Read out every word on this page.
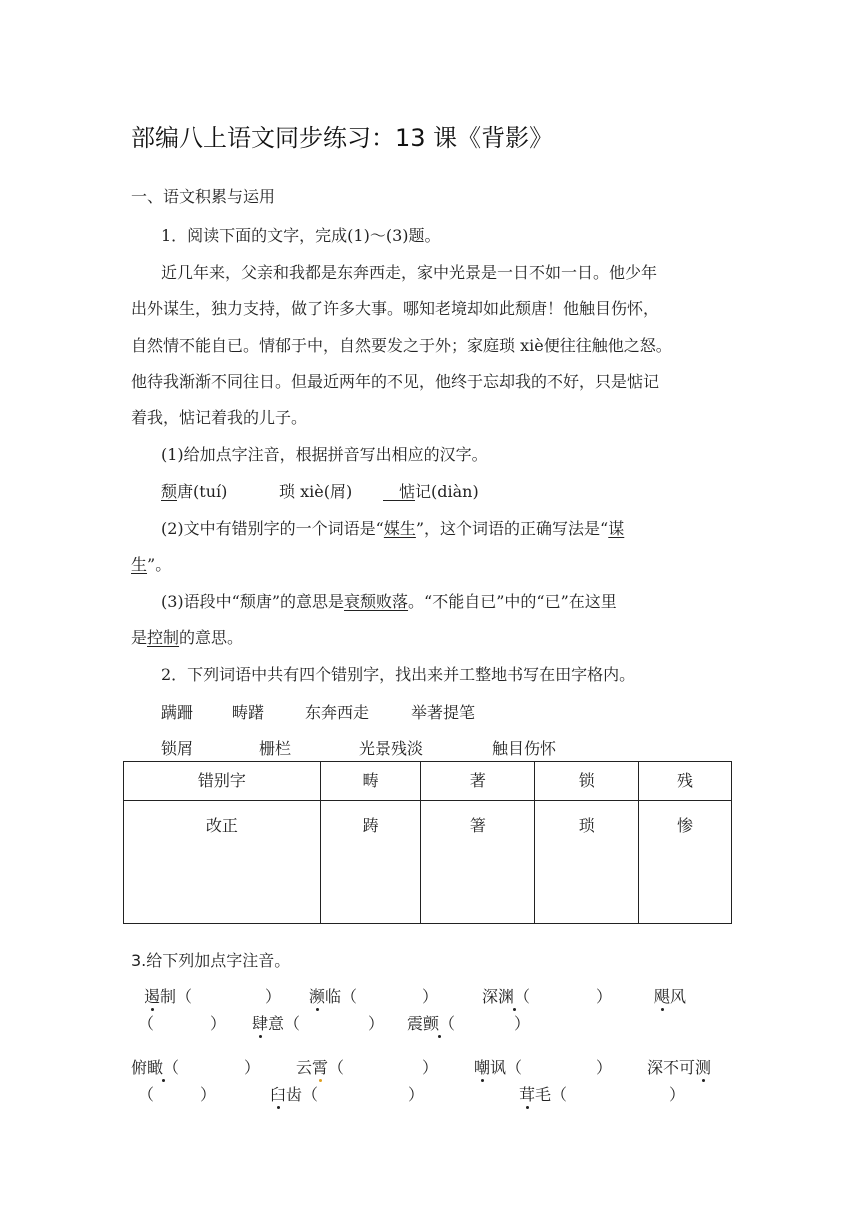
部编八上语文同步练习：13 课《背影》
一、语文积累与运用
1．阅读下面的文字，完成(1)～(3)题。
近几年来，父亲和我都是东奔西走，家中光景是一日不如一日。他少年
出外谋生，独力支持，做了许多大事。哪知老境却如此颓唐！他触目伤怀，
自然情不能自已。情郁于中，自然要发之于外；家庭琐 xiè便往往触他之怒。
他待我渐渐不同往日。但最近两年的不见，他终于忘却我的不好，只是惦记
着我，惦记着我的儿子。
(1)给加点字注音，根据拼音写出相应的汉字。
颓唐(tuí)	琐 xiè(屑)
 	惦记(diàn)
(2)文中有错别字的一个词语是“媒生”，这个词语的正确写法是“谋
生”。
(3)语段中“颓唐”的意思是衰颓败落。“不能自已”中的“已”在这里
是控制的意思。
2．下列词语中共有四个错别字，找出来并工整地书写在田字格内。
蹒跚 畴躇	东奔西走	举著提笔
锁屑	栅栏	光景残淡	触目伤怀
错别字	畴	著	锁	残
改正	踌	箸	琐	惨
3.给下列加点字注音。
遏制（	） 濒临（	）	深渊（	）	飓风
（	） 肆意（	） 震颤（	）
俯瞰（	） 云霄（	） 嘲讽（	） 深不可测
（	）	臼齿（	）	茸毛（	）
